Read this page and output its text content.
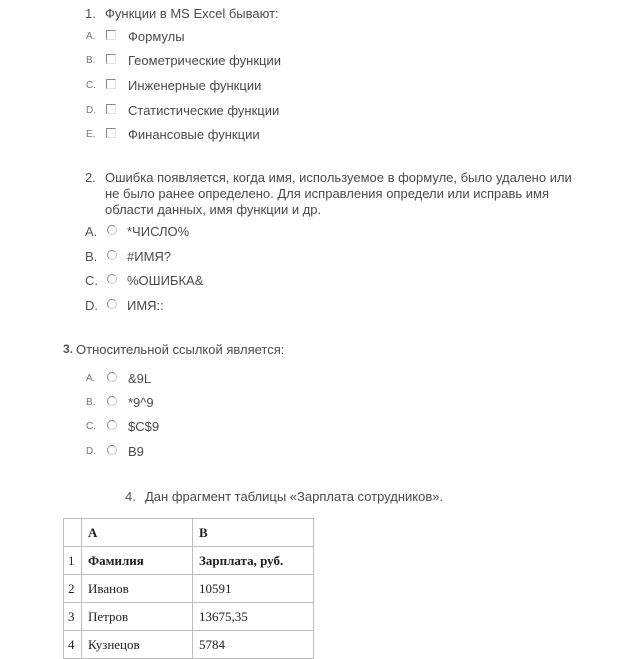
1. Функции в MS Excel бывают:
A.	Формулы
B.	Геометрические функции
C. Инженерные функции
D. Статистические функции
E.	Финансовые функции
2. Ошибка появляется, когда имя, используемое в формуле, было удалено или не было ранее определено. Для исправления определи или исправь имя области данных, имя функции и др.
A. *ЧИСЛО%
B. #ИМЯ?
C. %ОШИБКА&
D. ИМЯ::
3. Относительной ссылкой является:
A.	&9L
B.	*9^9
C. $C$9
D. B9
4. Дан фрагмент таблицы «Зарплата сотрудников».
	A	B
1	Фамилия	Зарплата, руб.
2	Иванов	10591
3	Петров	13675,35
4	Кузнецов	5784
